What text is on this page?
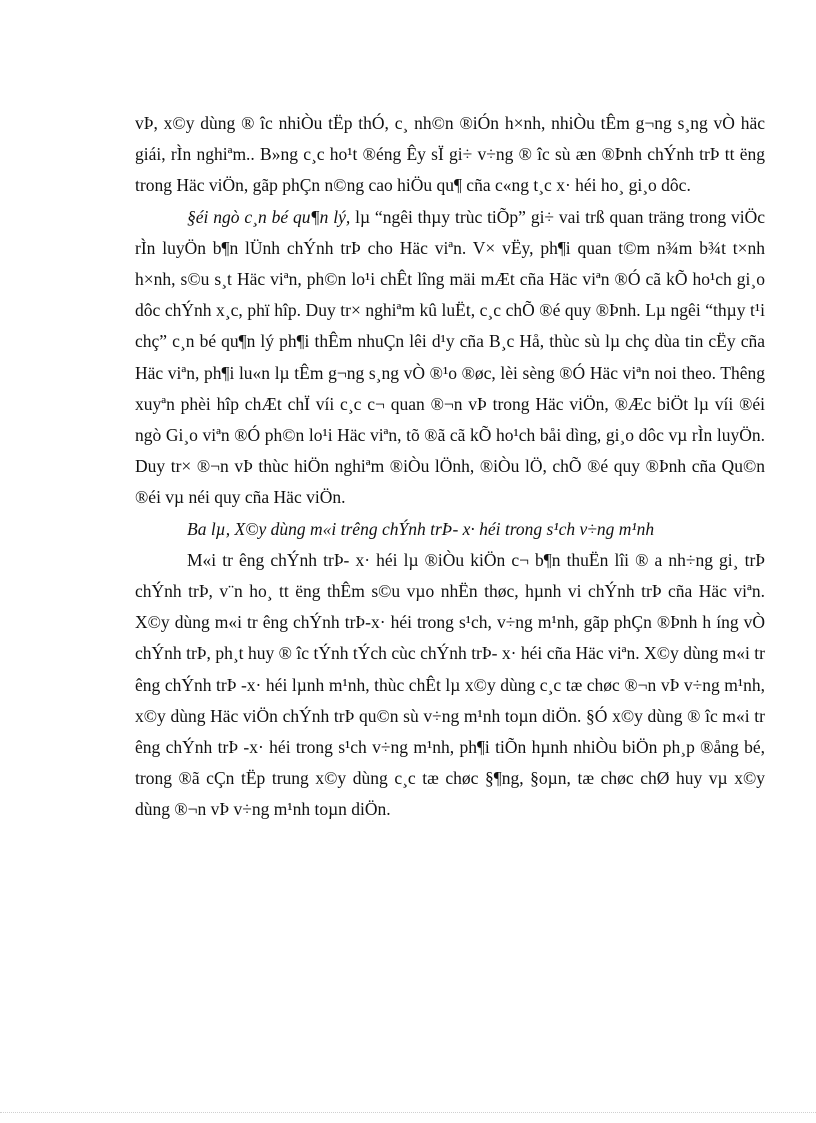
vÞ, x©y dùng ® îc nhiÒu tËp thÓ, c¸ nh©n ®iÓn h×nh, nhiÒu tÊm g¬ng s¸ng vÒ häc giái, rÌn nghiªm.. B»ng c¸c ho¹t ®éng Êy sÏ gi÷ v÷ng ® îc sù æn ®Þnh chÝnh trÞ tt ëng trong Häc viÖn, gãp phÇn n©ng cao hiÖu qu¶ cña c«ng t¸c x· héi ho¸ gi¸o dôc.

§éi ngò c¸n bé qu¶n lý, lµ “ngêi thµy trùc tiÕp” gi÷ vai trß quan träng trong viÖc rÌn luyÖn b¶n lÜnh chÝnh trÞ cho Häc viªn. V× vËy, ph¶i quan t©m n¾m b¾t t×nh h×nh, s©u s¸t Häc viªn, ph©n lo¹i chÊt lîng mäi mÆt cña Häc viªn ®Ó cã kÕ ho¹ch gi¸o dôc chÝnh x¸c, phï hîp. Duy tr× nghiªm kû luËt, c¸c chÕ ®é quy ®Þnh. Lµ ngêi “thµy t¹i chç” c¸n bé qu¶n lý ph¶i thÊm nhuÇn lêi d¹y cña B¸c Hå, thùc sù lµ chç dùa tin cËy cña Häc viªn, ph¶i lu«n lµ tÊm g¬ng s¸ng vÒ ®¹o ®øc, lèi sèng ®Ó Häc viªn noi theo. Thêng xuyªn phèi hîp chÆt chÏ víi c¸c c¬ quan ®¬n vÞ trong Häc viÖn, ®Æc biÖt lµ víi ®éi ngò Gi¸o viªn ®Ó ph©n lo¹i Häc viªn, tõ ®ã cã kÕ ho¹ch båi dìng, gi¸o dôc vµ rÌn luyÖn. Duy tr× ®¬n vÞ thùc hiÖn nghiªm ®iÒu lÖnh, ®iÒu lÖ, chÕ ®é quy ®Þnh cña Qu©n ®éi vµ néi quy cña Häc viÖn.

Ba lµ, X©y dùng m«i trêng chÝnh trÞ- x· héi trong s¹ch v÷ng m¹nh

M«i tr êng chÝnh trÞ- x· héi lµ ®iÒu kiÖn c¬ b¶n thuËn lîi ® a nh÷ng gi¸ trÞ chÝnh trÞ, v¨n ho¸ tt ëng thÊm s©u vµo nhËn thøc, hµnh vi chÝnh trÞ cña Häc viªn. X©y dùng m«i tr êng chÝnh trÞ-x· héi trong s¹ch, v÷ng m¹nh, gãp phÇn ®Þnh h íng vÒ chÝnh trÞ, ph¸t huy ® îc tÝnh tÝch cùc chÝnh trÞ- x· héi cña Häc viªn. X©y dùng m«i tr êng chÝnh trÞ -x· héi lµnh m¹nh, thùc chÊt lµ x©y dùng c¸c tæ chøc ®¬n vÞ v÷ng m¹nh, x©y dùng Häc viÖn chÝnh trÞ qu©n sù v÷ng m¹nh toµn diÖn. §Ó x©y dùng ® îc m«i tr êng chÝnh trÞ -x· héi trong s¹ch v÷ng m¹nh, ph¶i tiÕn hµnh nhiÒu biÖn ph¸p ®ång bé, trong ®ã cÇn tËp trung x©y dùng c¸c tæ chøc §¶ng, §oµn, tæ chøc chØ huy vµ x©y dùng ®¬n vÞ v÷ng m¹nh toµn diÖn.
